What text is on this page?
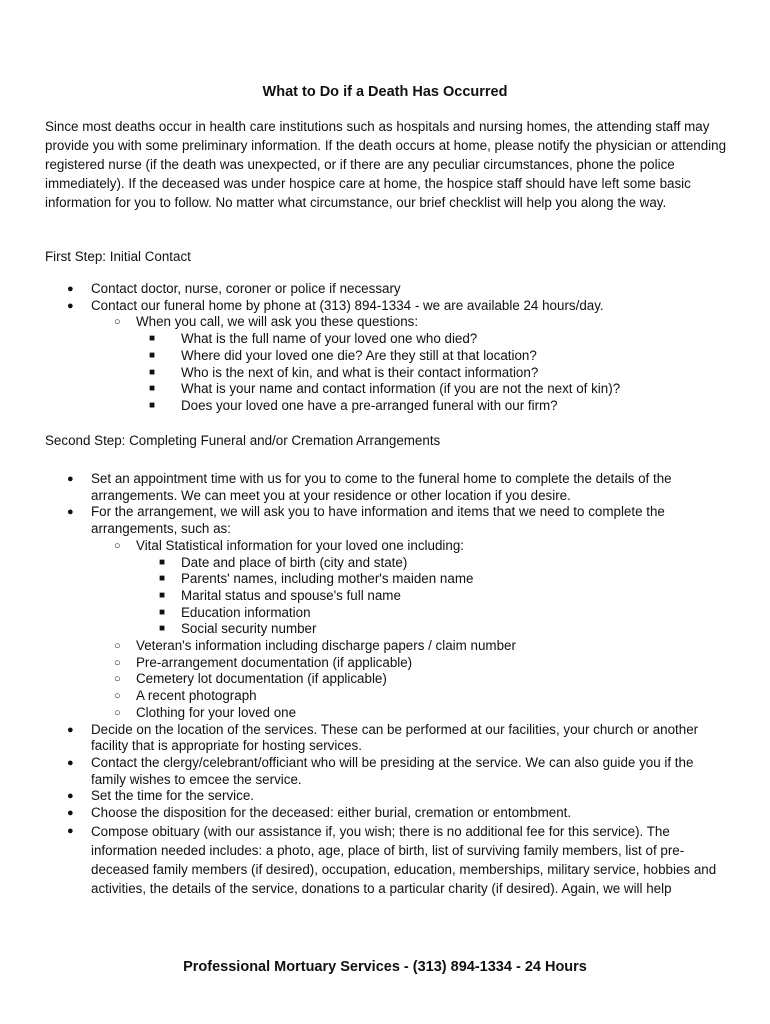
What to Do if a Death Has Occurred

Since most deaths occur in health care institutions such as hospitals and nursing homes, the attending staff may provide you with some preliminary information. If the death occurs at home, please notify the physician or attending registered nurse (if the death was unexpected, or if there are any peculiar circumstances, phone the police immediately). If the deceased was under hospice care at home, the hospice staff should have left some basic information for you to follow. No matter what circumstance, our brief checklist will help you along the way.

First Step: Initial Contact

● Contact doctor, nurse, coroner or police if necessary
● Contact our funeral home by phone at (313) 894-1334 - we are available 24 hours/day.
○ When you call, we will ask you these questions:
■ What is the full name of your loved one who died?
■ Where did your loved one die? Are they still at that location?
■ Who is the next of kin, and what is their contact information?
■ What is your name and contact information (if you are not the next of kin)?
■ Does your loved one have a pre-arranged funeral with our firm?

Second Step: Completing Funeral and/or Cremation Arrangements

● Set an appointment time with us for you to come to the funeral home to complete the details of the arrangements. We can meet you at your residence or other location if you desire.
● For the arrangement, we will ask you to have information and items that we need to complete the arrangements, such as:
○ Vital Statistical information for your loved one including:
■ Date and place of birth (city and state)
■ Parents' names, including mother's maiden name
■ Marital status and spouse's full name
■ Education information
■ Social security number
○ Veteran's information including discharge papers / claim number
○ Pre-arrangement documentation (if applicable)
○ Cemetery lot documentation (if applicable)
○ A recent photograph
○ Clothing for your loved one
● Decide on the location of the services. These can be performed at our facilities, your church or another facility that is appropriate for hosting services.
● Contact the clergy/celebrant/officiant who will be presiding at the service. We can also guide you if the family wishes to emcee the service.
● Set the time for the service.
● Choose the disposition for the deceased: either burial, cremation or entombment.
● Compose obituary (with our assistance if, you wish; there is no additional fee for this service). The information needed includes: a photo, age, place of birth, list of surviving family members, list of pre-deceased family members (if desired), occupation, education, memberships, military service, hobbies and activities, the details of the service, donations to a particular charity (if desired). Again, we will help

Professional Mortuary Services - (313) 894-1334 - 24 Hours
